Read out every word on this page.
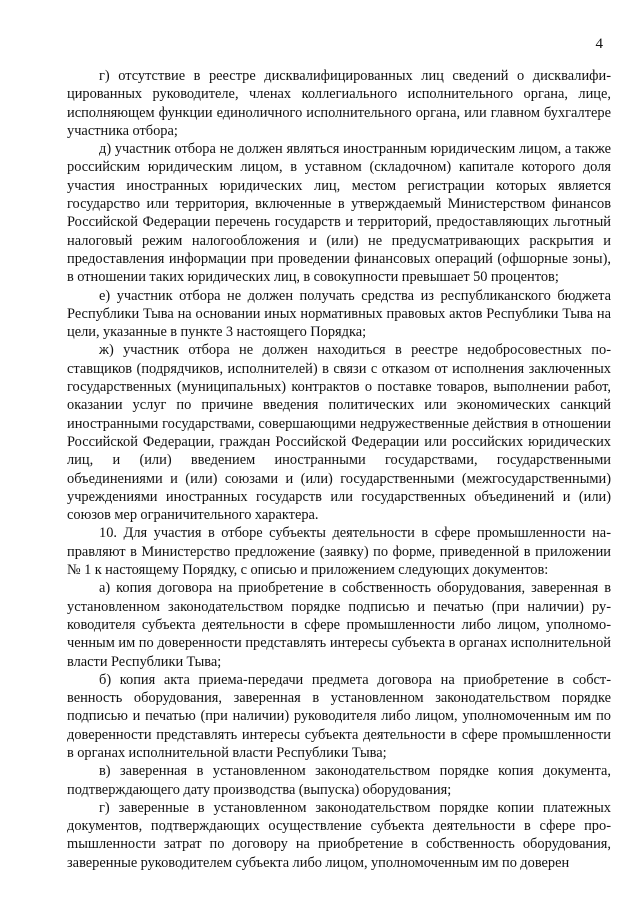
4

г) отсутствие в реестре дисквалифицированных лиц сведений о дисквалифицированных руководителе, членах коллегиального исполнительного органа, лице, исполняющем функции единоличного исполнительного органа, или главном бухгалтере участника отбора;

д) участник отбора не должен являться иностранным юридическим лицом, а также российским юридическим лицом, в уставном (складочном) капитале которого доля участия иностранных юридических лиц, местом регистрации которых является государство или территория, включенные в утверждаемый Министерством финансов Российской Федерации перечень государств и территорий, предоставляющих льготный налоговый режим налогообложения и (или) не предусматривающих раскрытия и предоставления информации при проведении финансовых операций (офшорные зоны), в отношении таких юридических лиц, в совокупности превышает 50 процентов;

е) участник отбора не должен получать средства из республиканского бюджета Республики Тыва на основании иных нормативных правовых актов Республики Тыва на цели, указанные в пункте 3 настоящего Порядка;

ж) участник отбора не должен находиться в реестре недобросовестных поставщиков (подрядчиков, исполнителей) в связи с отказом от исполнения заключенных государственных (муниципальных) контрактов о поставке товаров, выполнении работ, оказании услуг по причине введения политических или экономических санкций иностранными государствами, совершающими недружественные действия в отношении Российской Федерации, граждан Российской Федерации или российских юридических лиц, и (или) введением иностранными государствами, государственными объединениями и (или) союзами и (или) государственными (межгосударственными) учреждениями иностранных государств или государственных объединений и (или) союзов мер ограничительного характера.

10. Для участия в отборе субъекты деятельности в сфере промышленности направляют в Министерство предложение (заявку) по форме, приведенной в приложении № 1 к настоящему Порядку, с описью и приложением следующих документов:

а) копия договора на приобретение в собственность оборудования, заверенная в установленном законодательством порядке подписью и печатью (при наличии) руководителя субъекта деятельности в сфере промышленности либо лицом, уполномоченным им по доверенности представлять интересы субъекта в органах исполнительной власти Республики Тыва;

б) копия акта приема-передачи предмета договора на приобретение в собственность оборудования, заверенная в установленном законодательством порядке подписью и печатью (при наличии) руководителя либо лицом, уполномоченным им по доверенности представлять интересы субъекта деятельности в сфере промышленности в органах исполнительной власти Республики Тыва;

в) заверенная в установленном законодательством порядке копия документа, подтверждающего дату производства (выпуска) оборудования;

г) заверенные в установленном законодательством порядке копии платежных документов, подтверждающих осуществление субъекта деятельности в сфере проmышленности затрат по договору на приобретение в собственность оборудования, заверенные руководителем субъекта либо лицом, уполномоченным им по доверен
